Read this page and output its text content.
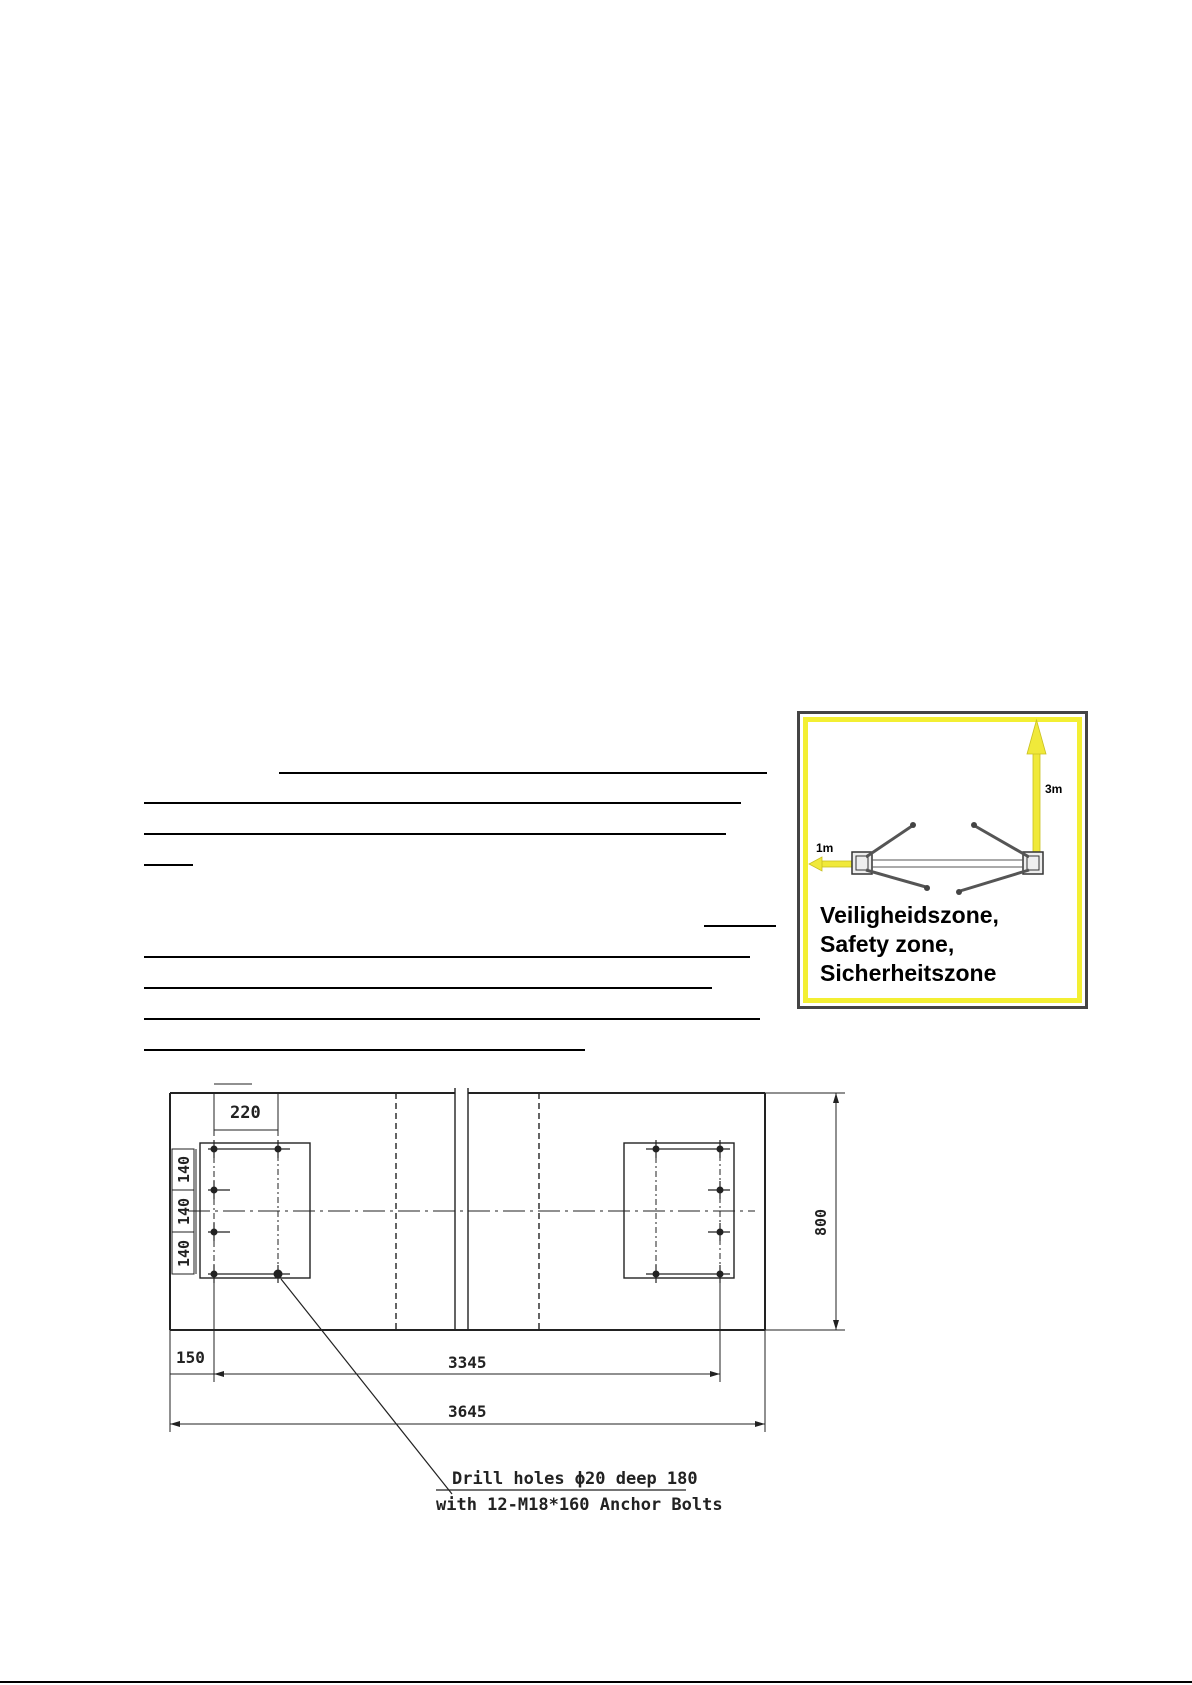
3m
1m
Veiligheidszone,
Safety zone,
Sicherheitszone
220
140
140
140
800
150	3345
3645
Drill holes ϕ20 deep 180
with 12-M18*160 Anchor Bolts
